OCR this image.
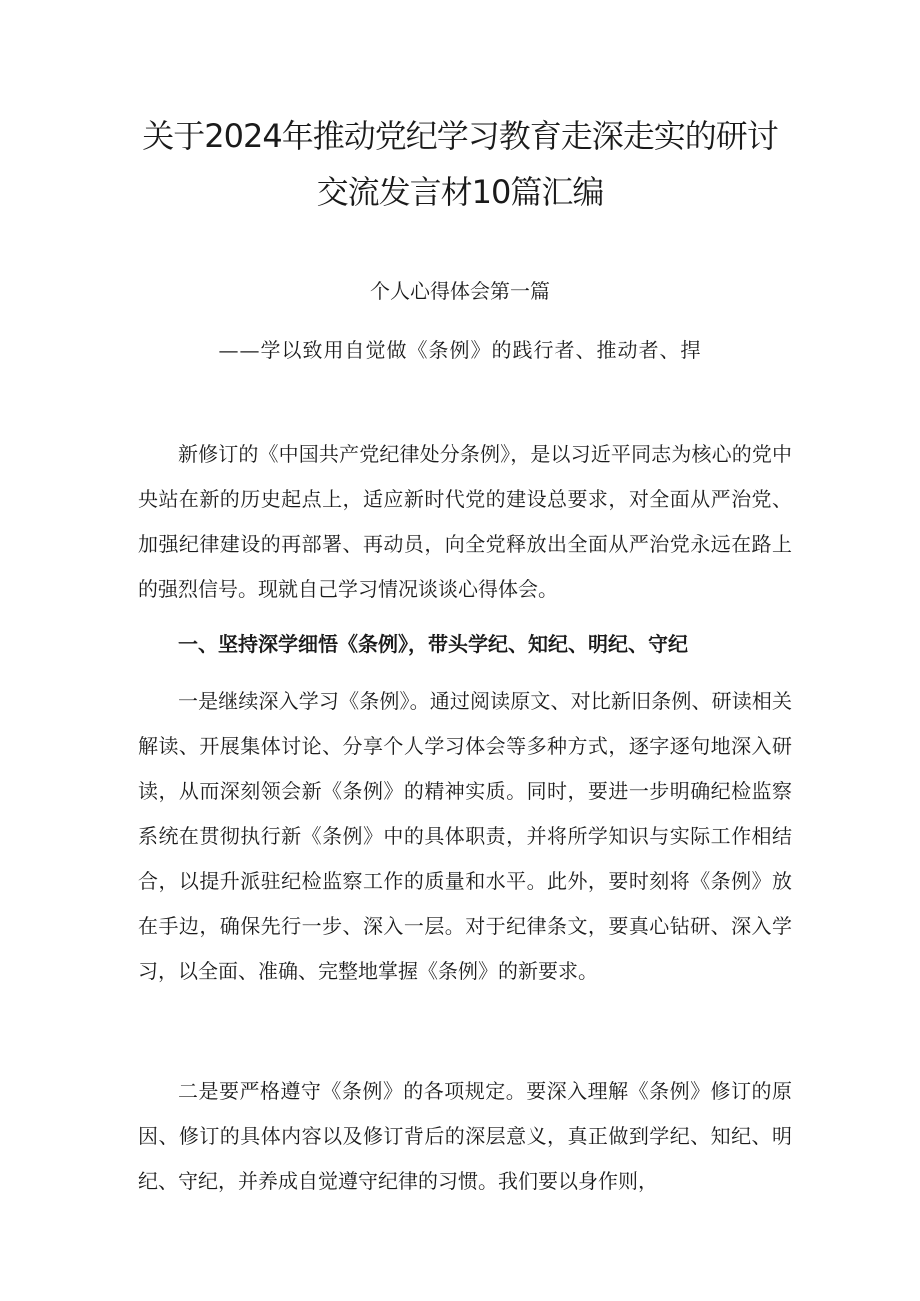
关于2024年推动党纪学习教育走深走实的研讨交流发言材10篇汇编

个人心得体会第一篇

——学以致用自觉做《条例》的践行者、推动者、捍

新修订的《中国共产党纪律处分条例》，是以习近平同志为核心的党中央站在新的历史起点上，适应新时代党的建设总要求，对全面从严治党、加强纪律建设的再部署、再动员，向全党释放出全面从严治党永远在路上的强烈信号。现就自己学习情况谈谈心得体会。

一、坚持深学细悟《条例》，带头学纪、知纪、明纪、守纪

一是继续深入学习《条例》。通过阅读原文、对比新旧条例、研读相关解读、开展集体讨论、分享个人学习体会等多种方式，逐字逐句地深入研读，从而深刻领会新《条例》的精神实质。同时，要进一步明确纪检监察系统在贯彻执行新《条例》中的具体职责，并将所学知识与实际工作相结合，以提升派驻纪检监察工作的质量和水平。此外，要时刻将《条例》放在手边，确保先行一步、深入一层。对于纪律条文，要真心钻研、深入学习，以全面、准确、完整地掌握《条例》的新要求。

二是要严格遵守《条例》的各项规定。要深入理解《条例》修订的原因、修订的具体内容以及修订背后的深层意义，真正做到学纪、知纪、明纪、守纪，并养成自觉遵守纪律的习惯。我们要以身作则，
